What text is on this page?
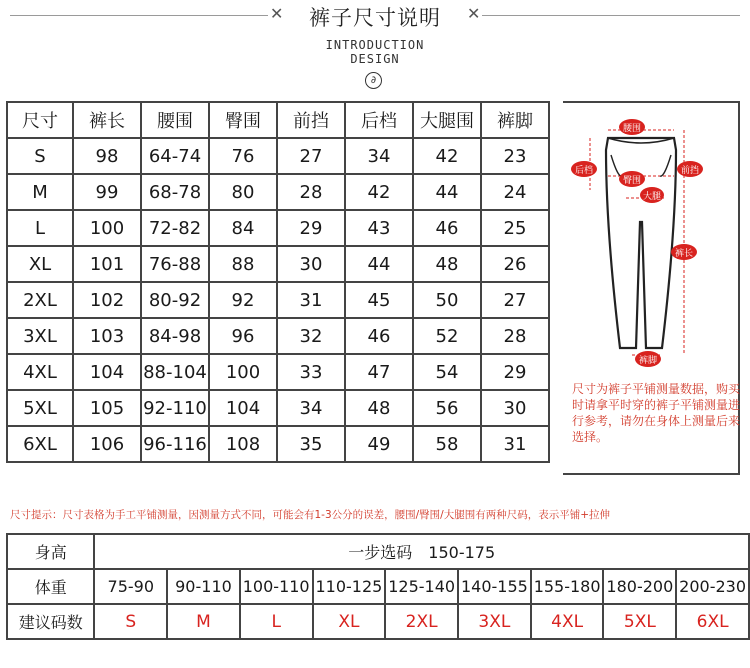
✕	✕
裤子尺寸说明
INTRODUCTION
DESIGN
∂
尺寸	裤长	腰围	臀围	前挡	后档	大腿围	裤脚
S	98	64-74	76	27	34	42	23
M	99	68-78	80	28	42	44	24
L	100	72-82	84	29	43	46	25
XL	101	76-88	88	30	44	48	26
2XL	102	80-92	92	31	45	50	27
3XL	103	84-98	96	32	46	52	28
4XL	104	88-104	100	33	47	54	29
5XL	105	92-110	104	34	48	56	30
6XL	106	96-116	108	35	49	58	31
腰围
后档	前挡
臀围
大腿
裤长
裤脚
尺寸为裤子平铺测量数据，购买时请拿平时穿的裤子平铺测量进行参考，请勿在身体上测量后来选择。
尺寸提示：尺寸表格为手工平铺测量，因测量方式不同，可能会有1-3公分的误差，腰围/臀围/大腿围有两种尺码，表示平铺+拉伸
身高	一步选码　150-175								
体重	75-90	90-110	100-110	110-125	125-140	140-155	155-180	180-200	200-230
建议码数	S	M	L	XL	2XL	3XL	4XL	5XL	6XL
